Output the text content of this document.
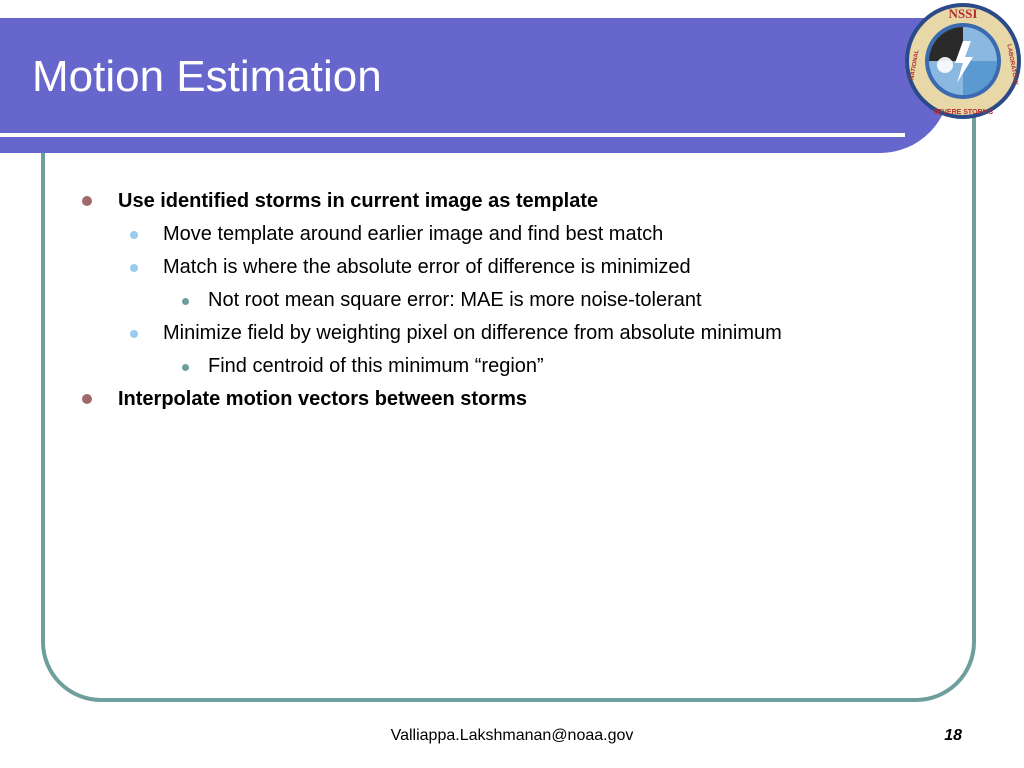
Motion Estimation
NSSI
SEVERE STORMS
NATIONAL	LABORATORY
Use identified storms in current image as template
Move template around earlier image and find best match
Match is where the absolute error of difference is minimized
Not root mean square error: MAE is more noise-tolerant
Minimize field by weighting pixel on difference from absolute minimum
Find centroid of this minimum “region”
Interpolate motion vectors between storms
Valliappa.Lakshmanan@noaa.gov	18
